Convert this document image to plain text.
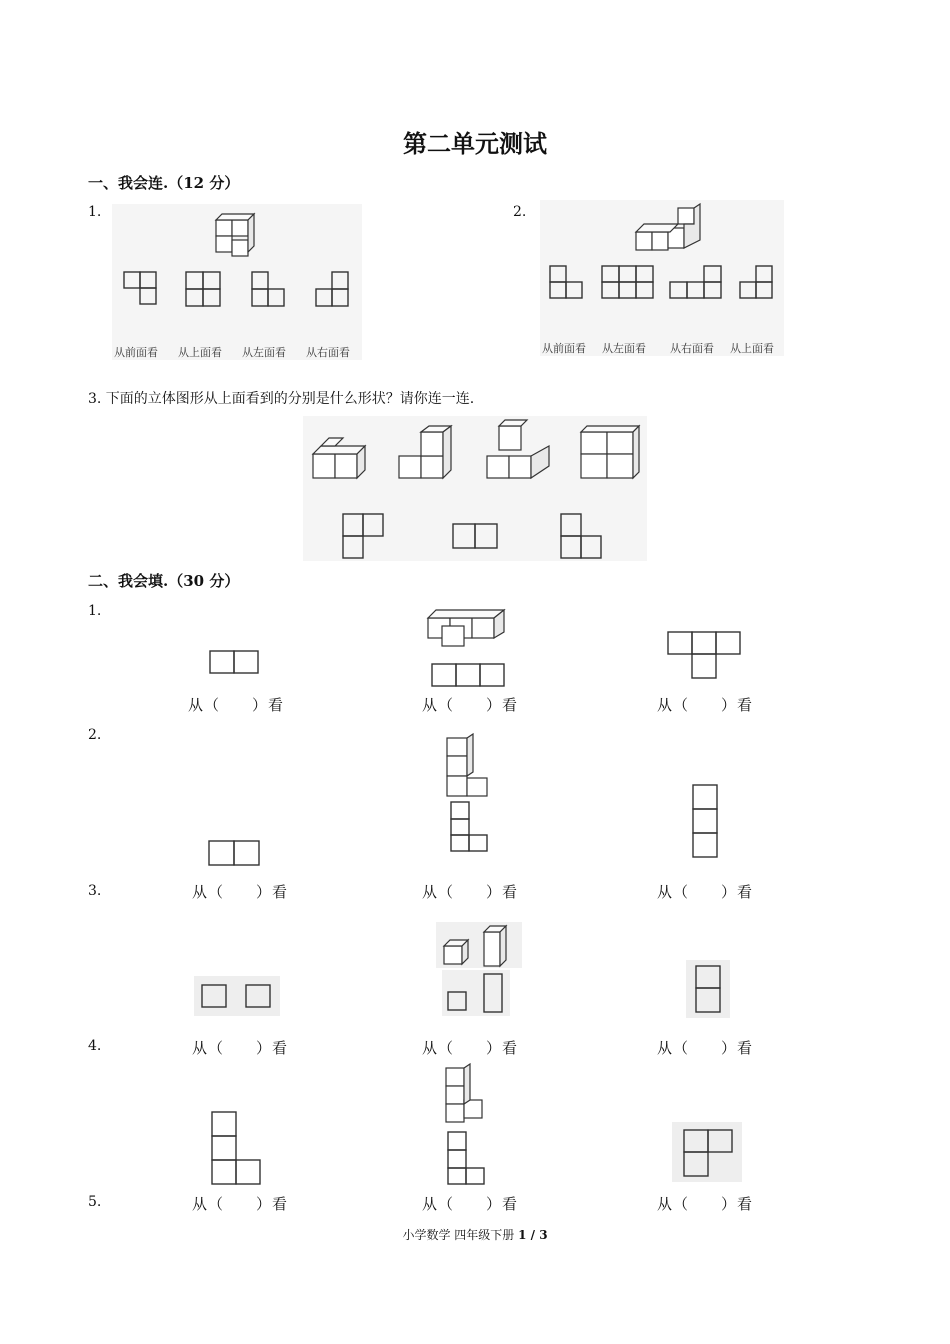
第二单元测试
一、我会连.（12 分）
1.
从前面看 从上面看 从左面看 从右面看
2.
从前面看 从左面看 从右面看 从上面看
3. 下面的立体图形从上面看到的分别是什么形状？请你连一连.
二、我会填.（30 分）
1.
从（　　）看	从（　　）看	从（　　）看
2.
3.	从（　　）看	从（　　）看	从（　　）看
4.	从（　　）看	从（　　）看	从（　　）看
5.	从（　　）看	从（　　）看	从（　　）看
小学数学 四年级下册 1 / 3
